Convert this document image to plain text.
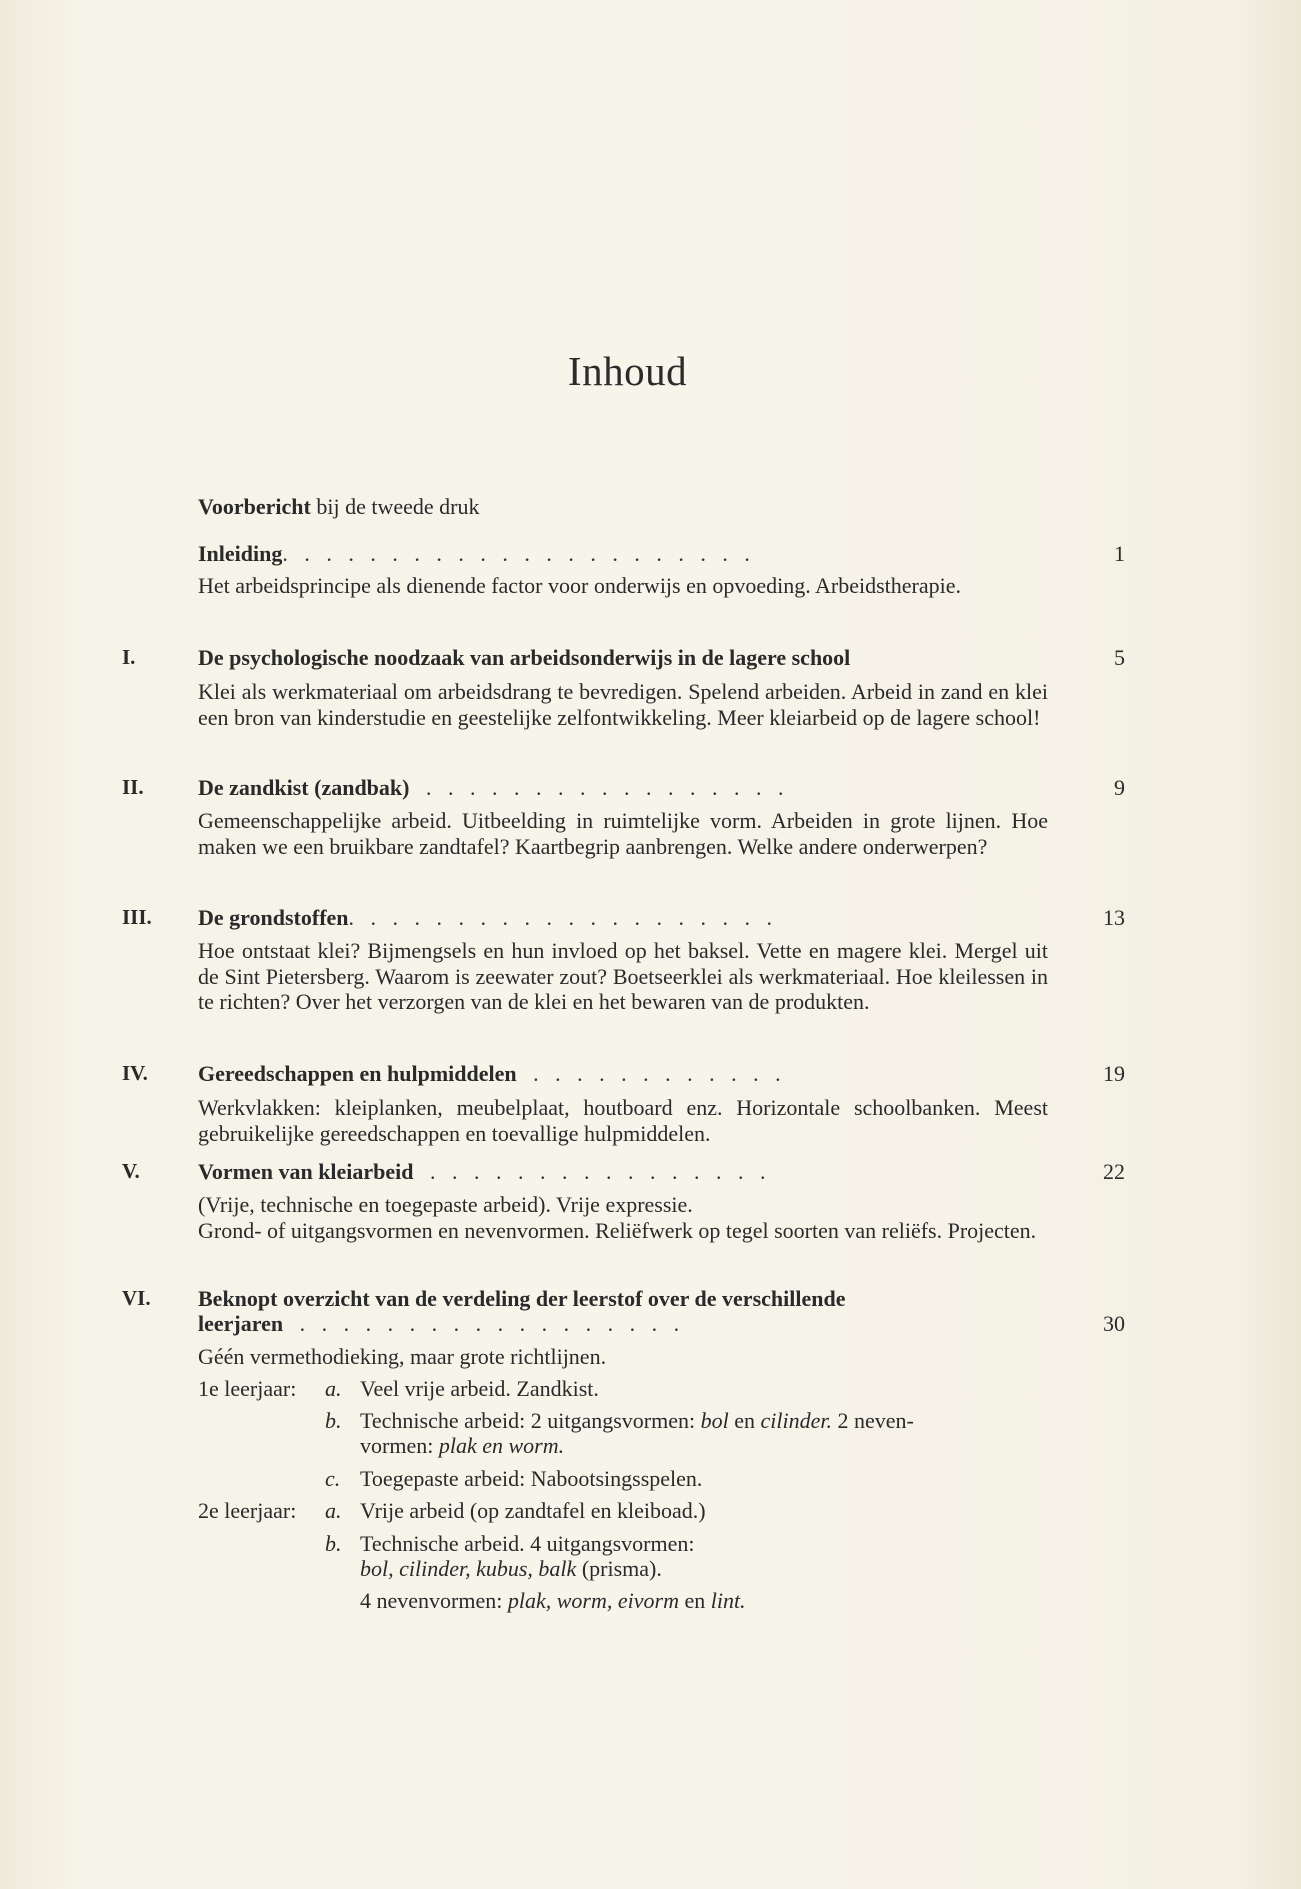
Inhoud
Voorbericht bij de tweede druk
Inleiding.   .   .   .   .   .   .   .   .   .   .   .   .   .   .   .   .   .   .   .   .   .	1
Het arbeidsprincipe als dienende factor voor onderwijs en opvoeding. Arbeidstherapie.
I.	De psychologische noodzaak van arbeidsonderwijs in de lagere school	5
Klei als werkmateriaal om arbeidsdrang te bevredigen. Spelend arbeiden. Arbeid in zand en klei een bron van kinderstudie en geestelijke zelfontwikkeling. Meer kleiarbeid op de lagere school!
II. De zandkist (zandbak)   .   .   .   .   .   .   .   .   .   .   .   .   .   .   .   .   .	9
Gemeenschappelijke arbeid. Uitbeelding in ruimtelijke vorm. Arbeiden in grote lijnen. Hoe maken we een bruikbare zandtafel? Kaartbegrip aanbrengen. Welke andere onderwerpen?
III. De grondstoffen.   .   .   .   .   .   .   .   .   .   .   .   .   .   .   .   .   .   .   .	13
Hoe ontstaat klei? Bijmengsels en hun invloed op het baksel. Vette en magere klei. Mergel uit de Sint Pietersberg. Waarom is zeewater zout? Boetseerklei als werkmateriaal. Hoe kleilessen in te richten? Over het verzorgen van de klei en het bewaren van de produkten.
IV. Gereedschappen en hulpmiddelen   .   .   .   .   .   .   .   .   .   .   .   .	19
Werkvlakken: kleiplanken, meubelplaat, houtboard enz. Horizontale schoolbanken. Meest gebruikelijke gereedschappen en toevallige hulpmiddelen.
V.	Vormen van kleiarbeid   .   .   .   .   .   .   .   .   .   .   .   .   .   .   .   .	22
(Vrije, technische en toegepaste arbeid). Vrije expressie.
Grond- of uitgangsvormen en nevenvormen. Reliëfwerk op tegel soorten van reliëfs. Projecten.
VI. Beknopt overzicht van de verdeling der leerstof over de verschillende
leerjaren   .   .   .   .   .   .   .   .   .   .   .   .   .   .   .   .   .   .	30
Géén vermethodieking, maar grote richtlijnen.
1e leerjaar: a. Veel vrije arbeid. Zandkist.
b. Technische arbeid: 2 uitgangsvormen: bol en cilinder. 2 neven-
vormen: plak en worm.
c. Toegepaste arbeid: Nabootsingsspelen.
2e leerjaar: a. Vrije arbeid (op zandtafel en kleiboad.)
b. Technische arbeid. 4 uitgangsvormen:
bol, cilinder, kubus, balk (prisma).
4 nevenvormen: plak, worm, eivorm en lint.
